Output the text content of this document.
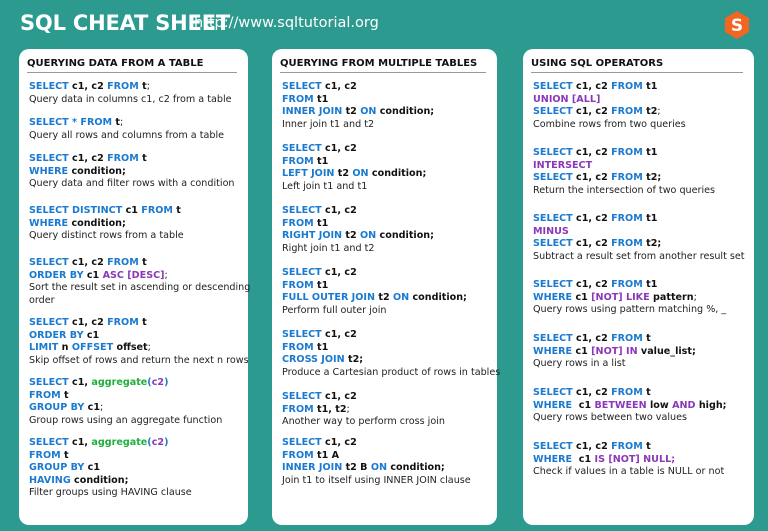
SQL CHEAT SHEET
http://www.sqltutorial.org	S
QUERYING DATA FROM A TABLE
SELECT c1, c2 FROM t;
Query data in columns c1, c2 from a table
SELECT * FROM t;
Query all rows and columns from a table
SELECT c1, c2 FROM t
WHERE condition;
Query data and filter rows with a condition
SELECT DISTINCT c1 FROM t
WHERE condition;
Query distinct rows from a table
SELECT c1, c2 FROM t
ORDER BY c1 ASC [DESC];
Sort the result set in ascending or descending
order
SELECT c1, c2 FROM t
ORDER BY c1
LIMIT n OFFSET offset;
Skip offset of rows and return the next n rows
SELECT c1, aggregate(c2)
FROM t
GROUP BY c1;
Group rows using an aggregate function
SELECT c1, aggregate(c2)
FROM t
GROUP BY c1
HAVING condition;
Filter groups using HAVING clause
QUERYING FROM MULTIPLE TABLES
SELECT c1, c2
FROM t1
INNER JOIN t2 ON condition;
Inner join t1 and t2
SELECT c1, c2
FROM t1
LEFT JOIN t2 ON condition;
Left join t1 and t1
SELECT c1, c2
FROM t1
RIGHT JOIN t2 ON condition;
Right join t1 and t2
SELECT c1, c2
FROM t1
FULL OUTER JOIN t2 ON condition;
Perform full outer join
SELECT c1, c2
FROM t1
CROSS JOIN t2;
Produce a Cartesian product of rows in tables
SELECT c1, c2
FROM t1, t2;
Another way to perform cross join
SELECT c1, c2
FROM t1 A
INNER JOIN t2 B ON condition;
Join t1 to itself using INNER JOIN clause
USING SQL OPERATORS
SELECT c1, c2 FROM t1
UNION [ALL]
SELECT c1, c2 FROM t2;
Combine rows from two queries
SELECT c1, c2 FROM t1
INTERSECT
SELECT c1, c2 FROM t2;
Return the intersection of two queries
SELECT c1, c2 FROM t1
MINUS
SELECT c1, c2 FROM t2;
Subtract a result set from another result set
SELECT c1, c2 FROM t1
WHERE c1 [NOT] LIKE pattern;
Query rows using pattern matching %, _
SELECT c1, c2 FROM t
WHERE c1 [NOT] IN value_list;
Query rows in a list
SELECT c1, c2 FROM t
WHERE  c1 BETWEEN low AND high;
Query rows between two values
SELECT c1, c2 FROM t
WHERE  c1 IS [NOT] NULL;
Check if values in a table is NULL or not
